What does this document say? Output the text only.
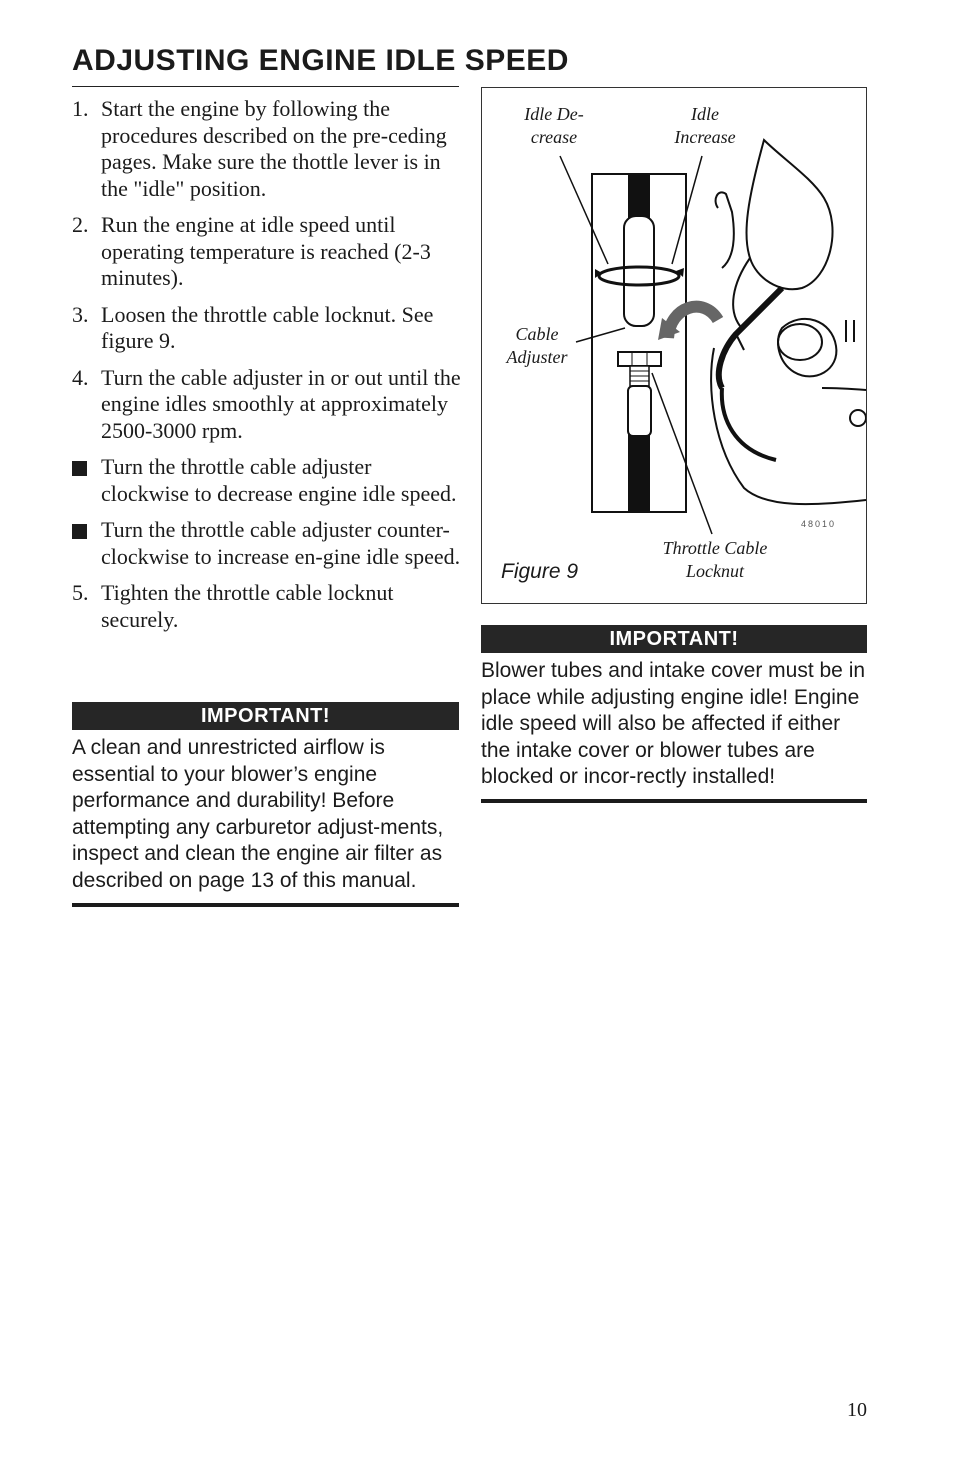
ADJUSTING ENGINE IDLE SPEED
1. Start the engine by following the procedures described on the pre-ceding pages. Make sure the thottle lever is in the "idle" position.
2. Run the engine at idle speed until operating temperature is reached (2-3 minutes).
3. Loosen the throttle cable locknut. See figure 9.
4. Turn the cable adjuster in or out until the engine idles smoothly at approximately 2500-3000 rpm.
Turn the throttle cable adjuster clockwise to decrease engine idle speed.
Turn the throttle cable adjuster counter-clockwise to increase en-gine idle speed.
5. Tighten the throttle cable locknut securely.
IMPORTANT!
A clean and unrestricted airflow is essential to your blower’s engine performance and durability! Before attempting any carburetor adjust-ments, inspect and clean the engine air filter as described on page 13 of this manual.
Idle De-
crease
Idle
Increase
Cable
Adjuster
Throttle Cable
Locknut
48010
Figure 9
IMPORTANT!
Blower tubes and intake cover must be in place while adjusting engine idle! Engine idle speed will also be affected if either the intake cover or blower tubes are blocked or incor-rectly installed!
10
